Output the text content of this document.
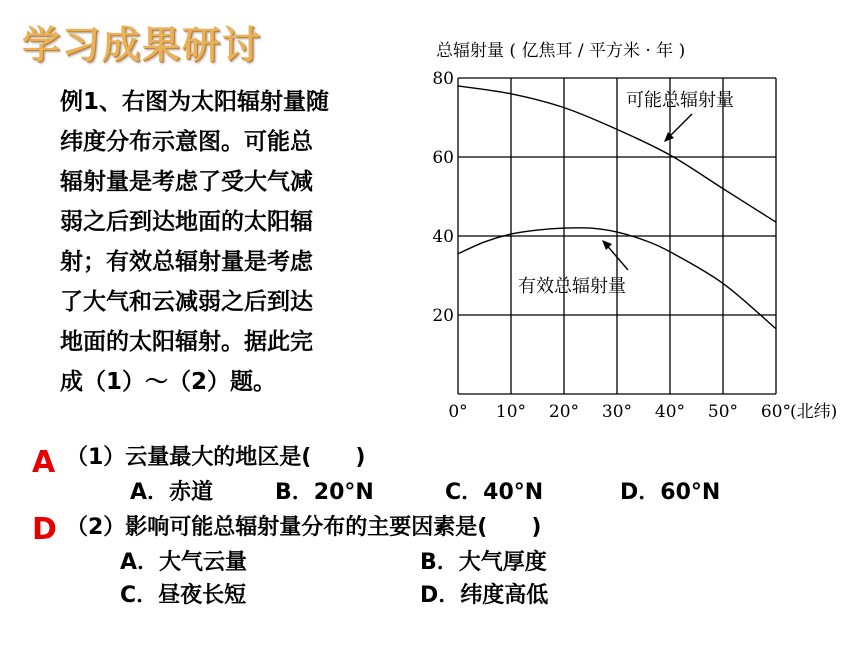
学习成果研讨

例1、右图为太阳辐射量随

纬度分布示意图。可能总

辐射量是考虑了受大气减

弱之后到达地面的太阳辐

射；有效总辐射量是考虑

了大气和云减弱之后到达

地面的太阳辐射。据此完

成（1）～（2）题。

总辐射量 ( 亿焦耳 / 平方米 · 年 )
20
40
60
80
0° 10° 20° 30° 40° 50° 60°
(北纬)
可能总辐射量
有效总辐射量
A （1）云量最大的地区是(　　)
A．赤道	B．20°N	C．40°N	D．60°N
D （2）影响可能总辐射量分布的主要因素是(　　)
A．大气云量	B．大气厚度
C．昼夜长短	D．纬度高低
